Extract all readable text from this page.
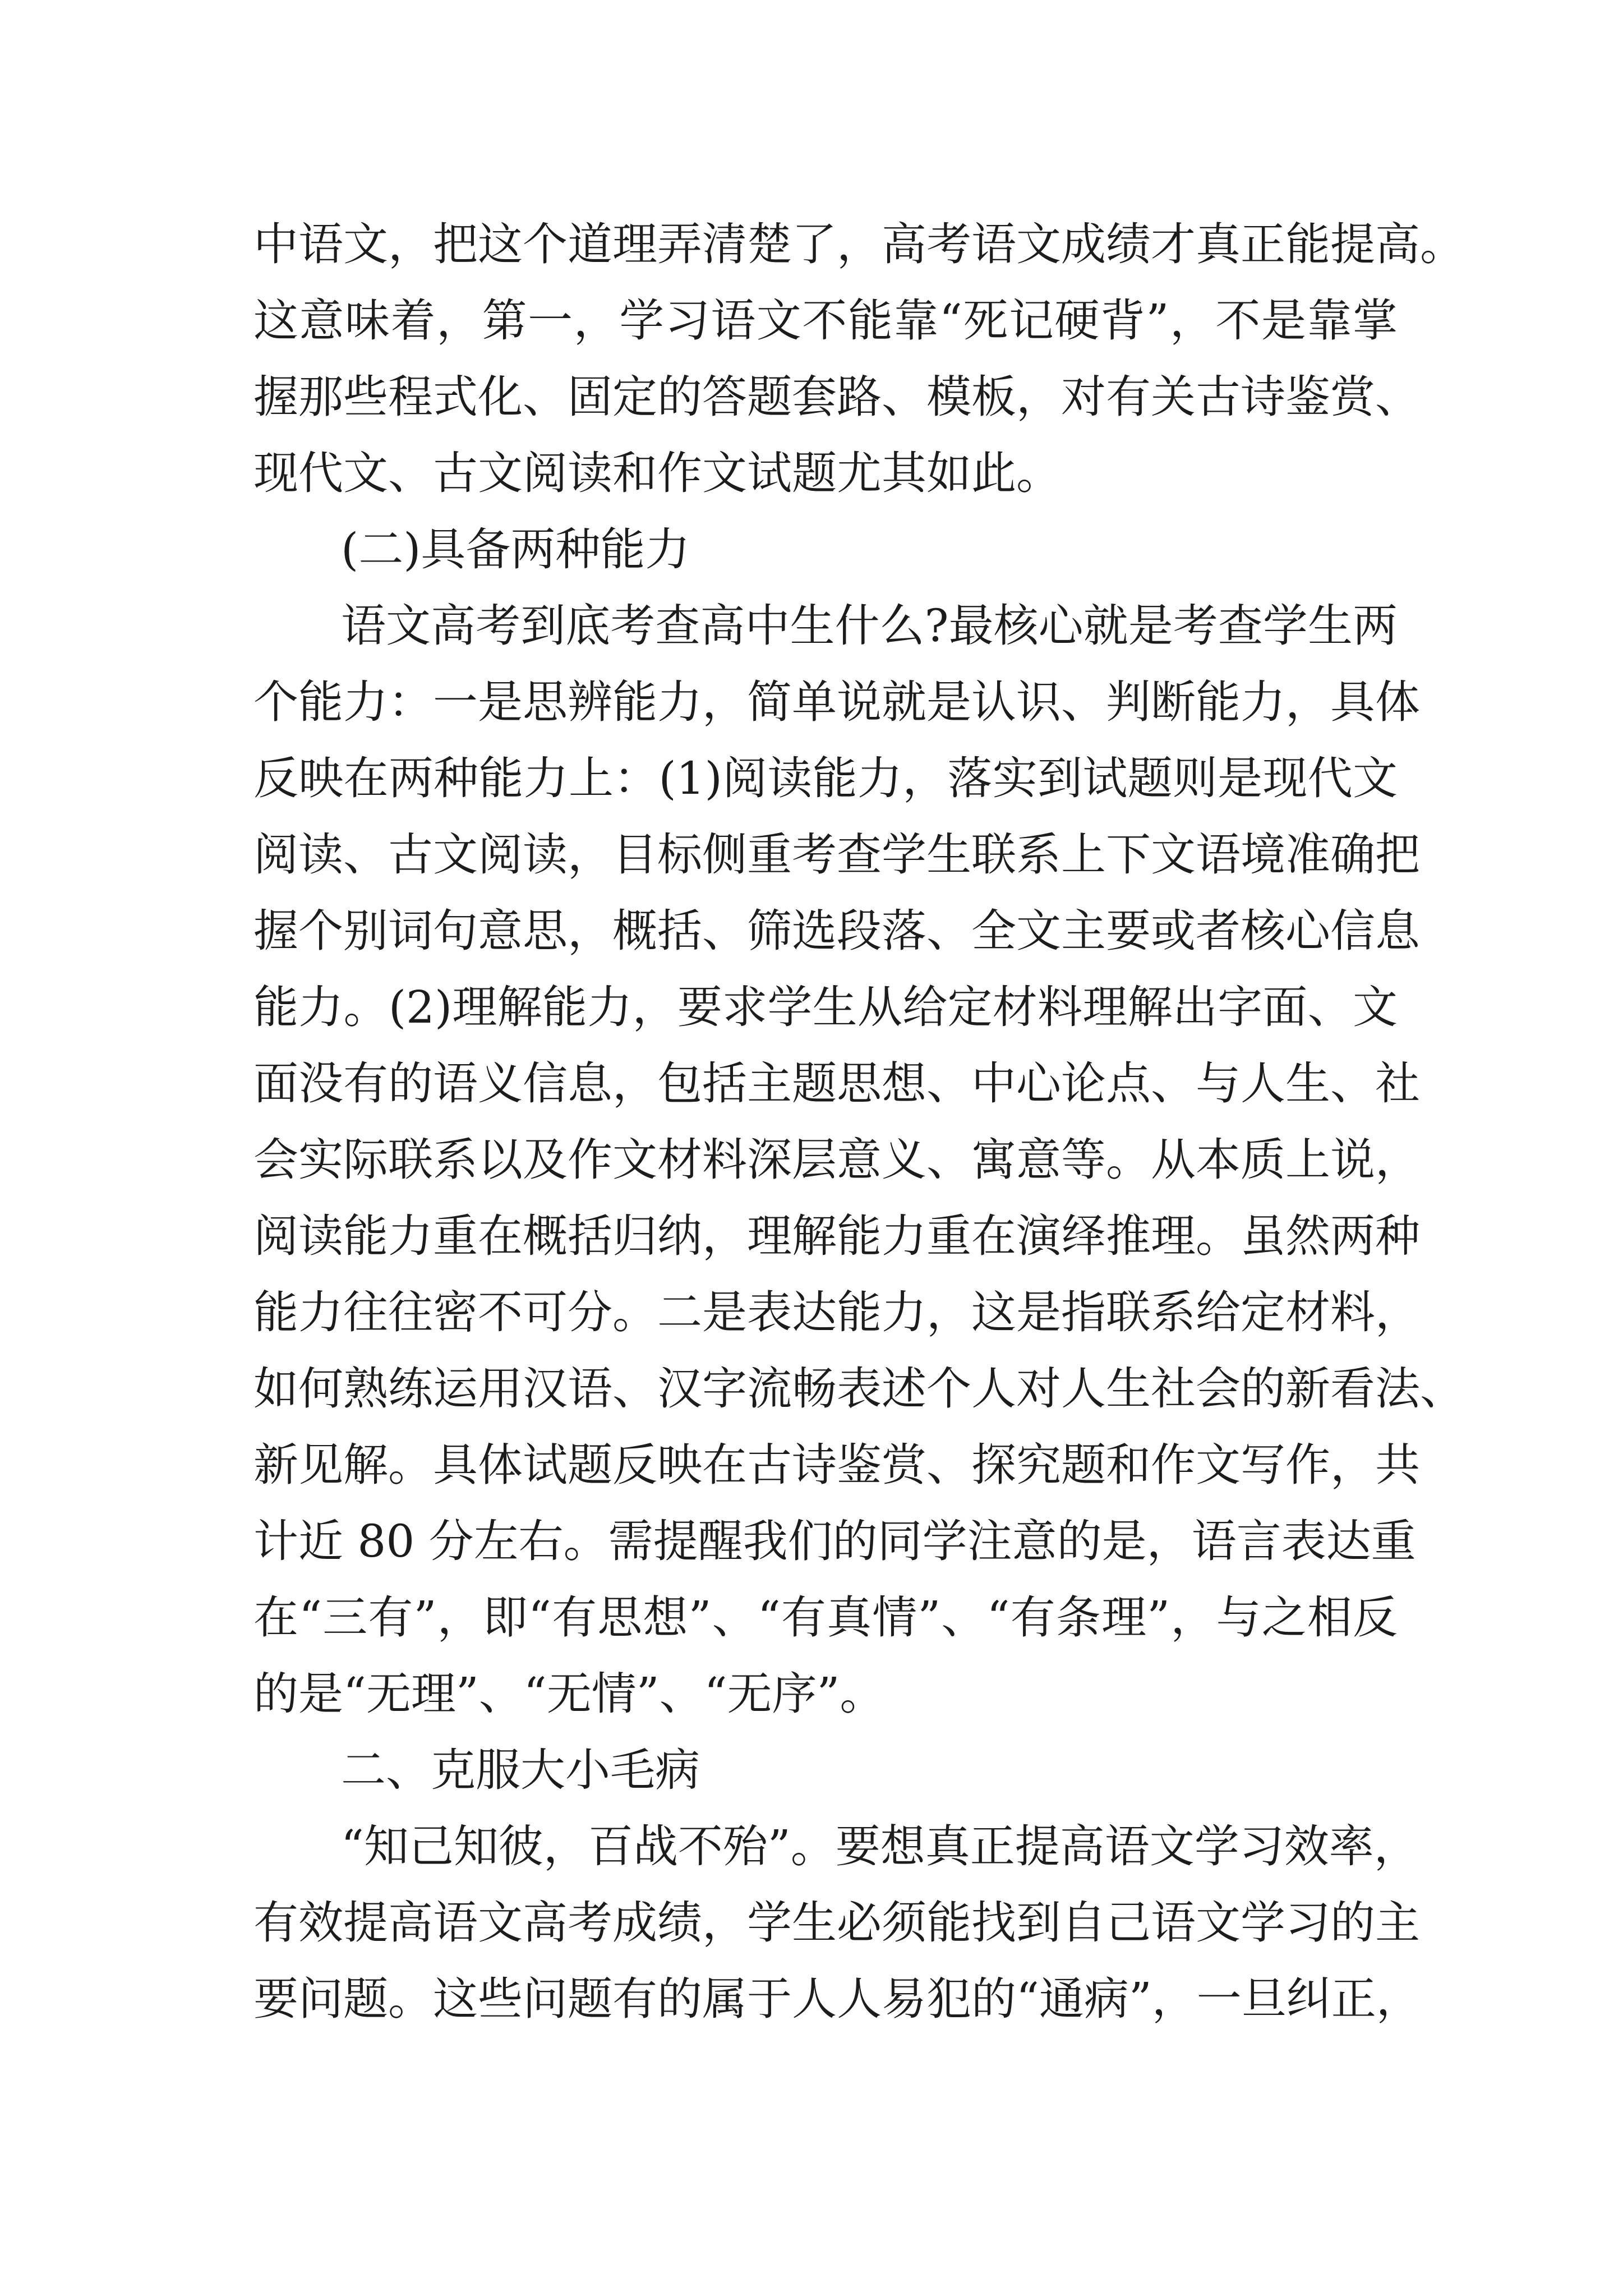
中语文，把这个道理弄清楚了，高考语文成绩才真正能提高。
这意味着，第一，学习语文不能靠“死记硬背”，不是靠掌
握那些程式化、固定的答题套路、模板，对有关古诗鉴赏、
现代文、古文阅读和作文试题尤其如此。
(二)具备两种能力
语文高考到底考查高中生什么?最核心就是考查学生两
个能力：一是思辨能力，简单说就是认识、判断能力，具体
反映在两种能力上：(1)阅读能力，落实到试题则是现代文
阅读、古文阅读，目标侧重考查学生联系上下文语境准确把
握个别词句意思，概括、筛选段落、全文主要或者核心信息
能力。(2)理解能力，要求学生从给定材料理解出字面、文
面没有的语义信息，包括主题思想、中心论点、与人生、社
会实际联系以及作文材料深层意义、寓意等。从本质上说，
阅读能力重在概括归纳，理解能力重在演绎推理。虽然两种
能力往往密不可分。二是表达能力，这是指联系给定材料，
如何熟练运用汉语、汉字流畅表述个人对人生社会的新看法、
新见解。具体试题反映在古诗鉴赏、探究题和作文写作，共
计近 80 分左右。需提醒我们的同学注意的是，语言表达重
在“三有”，即“有思想”、“有真情”、“有条理”，与之相反
的是“无理”、“无情”、“无序”。
二、克服大小毛病
“知己知彼，百战不殆”。要想真正提高语文学习效率，
有效提高语文高考成绩，学生必须能找到自己语文学习的主
要问题。这些问题有的属于人人易犯的“通病”，一旦纠正，
